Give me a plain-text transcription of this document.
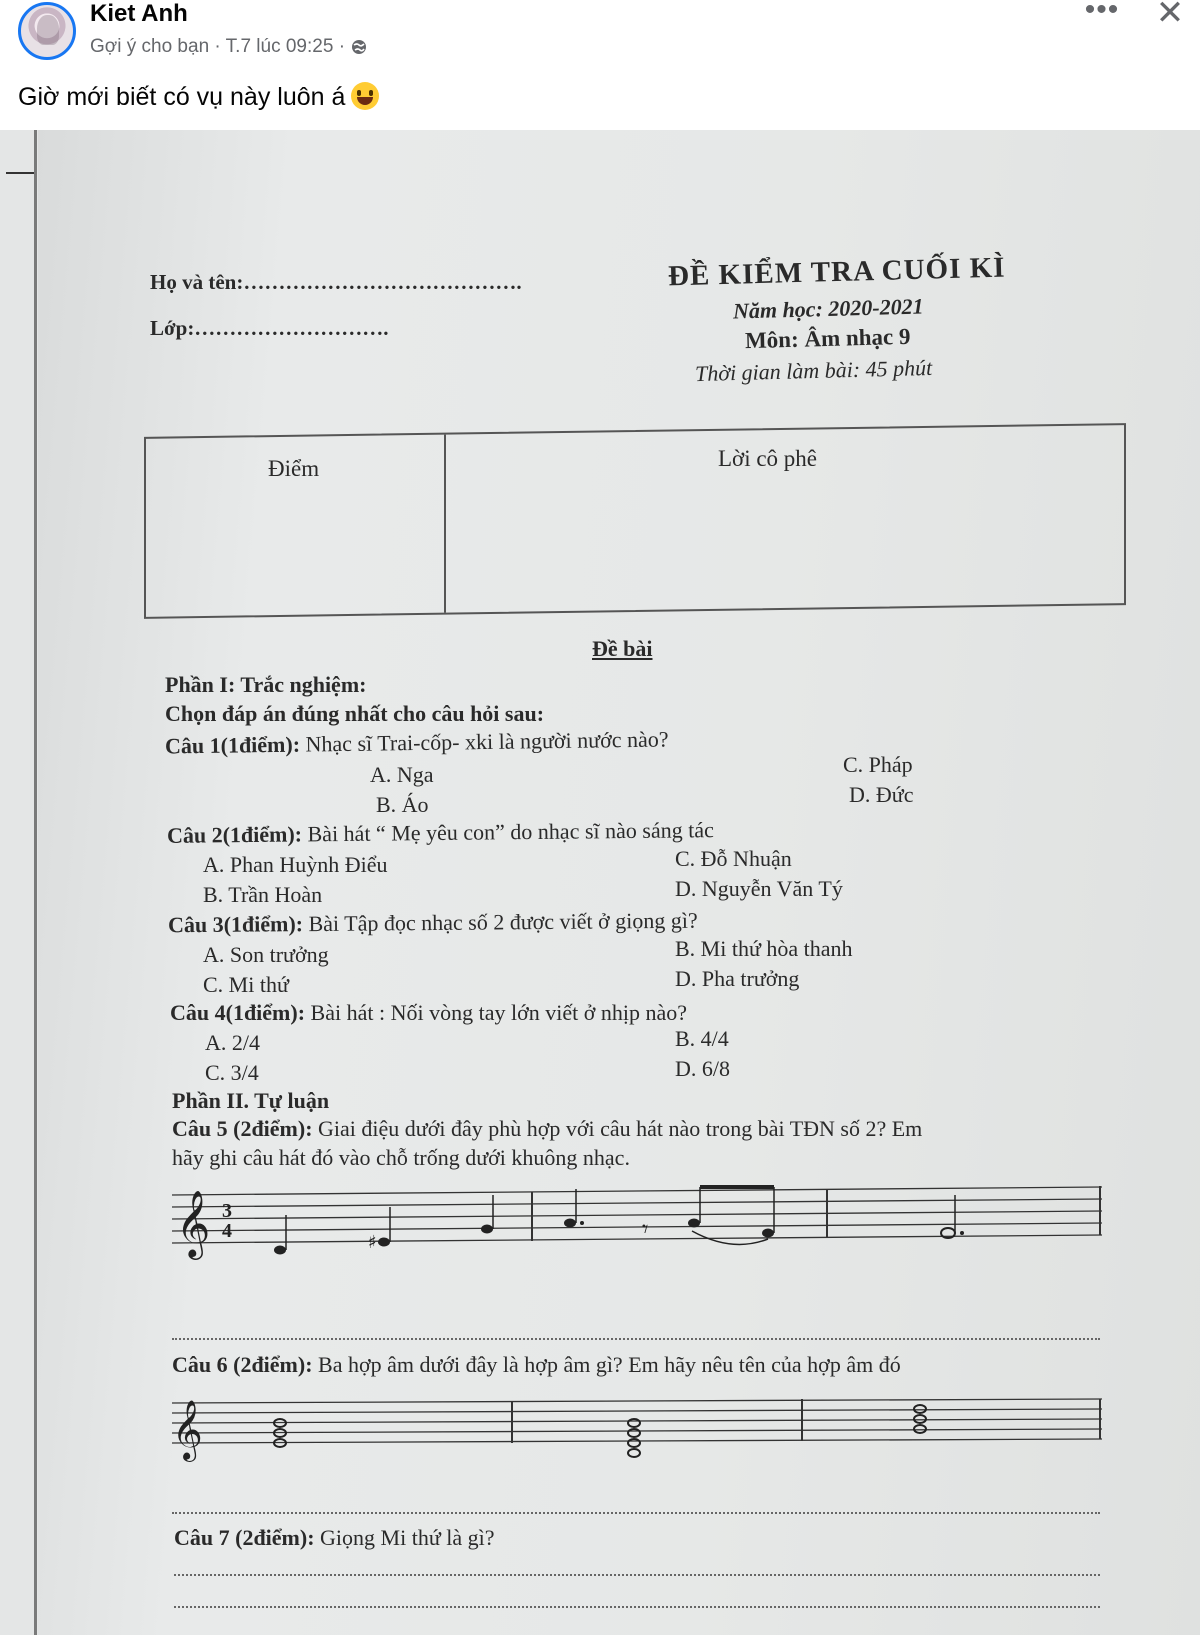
Kiet Anh
Gợi ý cho bạn · T.7 lúc 09:25 ·
••• ✕
Giờ mới biết có vụ này luôn á
Họ và tên:………………………………….
Lớp:……………………….
ĐỀ KIỂM TRA CUỐI KÌ
Năm học: 2020-2021
Môn: Âm nhạc 9
Thời gian làm bài: 45 phút
Điểm	Lời cô phê
Đề bài
Phần I: Trắc nghiệm:
Chọn đáp án đúng nhất cho câu hỏi sau:
Câu 1(1điểm): Nhạc sĩ Trai-cốp- xki là người nước nào?
A. Nga
B. Áo
C. Pháp
D. Đức
Câu 2(1điểm): Bài hát “ Mẹ yêu con” do nhạc sĩ nào sáng tác
A. Phan Huỳnh Điểu
B. Trần Hoàn
C. Đỗ Nhuận
D. Nguyễn Văn Tý
Câu 3(1điểm): Bài Tập đọc nhạc số 2 được viết ở giọng gì?
A. Son trưởng
C. Mi thứ
B. Mi thứ hòa thanh
D. Pha trưởng
Câu 4(1điểm): Bài hát : Nối vòng tay lớn viết ở nhịp nào?
A. 2/4
C. 3/4
B. 4/4
D. 6/8
Phần II. Tự luận
Câu 5 (2điểm): Giai điệu dưới đây phù hợp với câu hát nào trong bài TĐN số 2? Em
hãy ghi câu hát đó vào chỗ trống dưới khuông nhạc.
𝄞 3
4
♯	𝄾
Câu 6 (2điểm): Ba hợp âm dưới đây là hợp âm gì? Em hãy nêu tên của hợp âm đó
𝄞
Câu 7 (2điểm): Giọng Mi thứ là gì?
